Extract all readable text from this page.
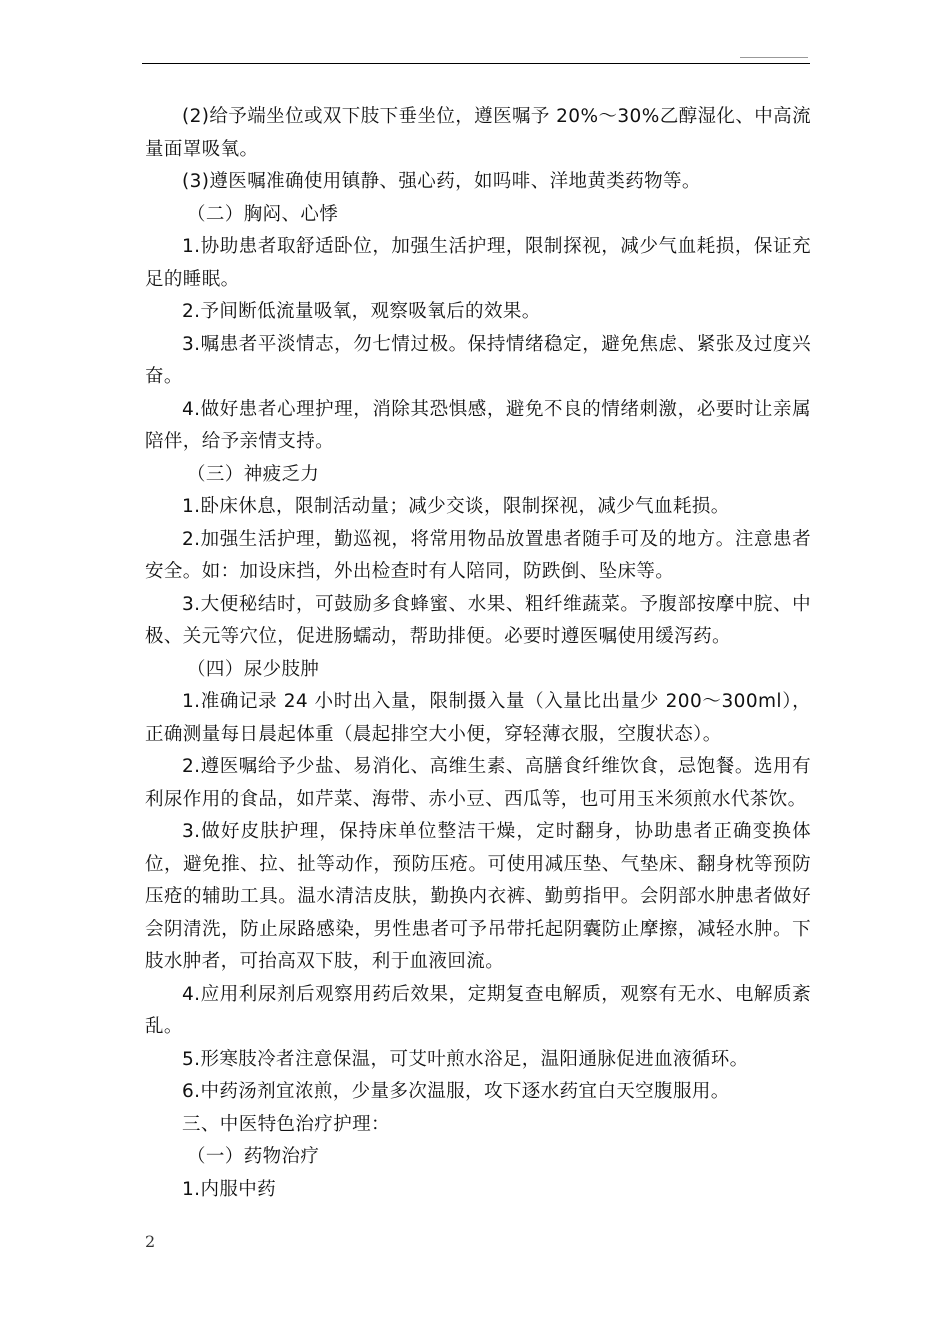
(2)给予端坐位或双下肢下垂坐位，遵医嘱予 20%～30%乙醇湿化、中高流量面罩吸氧。

(3)遵医嘱准确使用镇静、强心药，如吗啡、洋地黄类药物等。

（二）胸闷、心悸

1.协助患者取舒适卧位，加强生活护理，限制探视，减少气血耗损，保证充足的睡眠。

2.予间断低流量吸氧，观察吸氧后的效果。

3.嘱患者平淡情志，勿七情过极。保持情绪稳定，避免焦虑、紧张及过度兴奋。

4.做好患者心理护理，消除其恐惧感，避免不良的情绪刺激，必要时让亲属陪伴，给予亲情支持。

（三）神疲乏力

1.卧床休息，限制活动量；减少交谈，限制探视，减少气血耗损。

2.加强生活护理，勤巡视，将常用物品放置患者随手可及的地方。注意患者安全。如：加设床挡，外出检查时有人陪同，防跌倒、坠床等。

3.大便秘结时，可鼓励多食蜂蜜、水果、粗纤维蔬菜。予腹部按摩中脘、中极、关元等穴位，促进肠蠕动，帮助排便。必要时遵医嘱使用缓泻药。

（四）尿少肢肿

1.准确记录 24 小时出入量，限制摄入量（入量比出量少 200～300ml），正确测量每日晨起体重（晨起排空大小便，穿轻薄衣服，空腹状态）。

2.遵医嘱给予少盐、易消化、高维生素、高膳食纤维饮食，忌饱餐。选用有利尿作用的食品，如芹菜、海带、赤小豆、西瓜等，也可用玉米须煎水代茶饮。

3.做好皮肤护理，保持床单位整洁干燥，定时翻身，协助患者正确变换体位，避免推、拉、扯等动作，预防压疮。可使用减压垫、气垫床、翻身枕等预防压疮的辅助工具。温水清洁皮肤，勤换内衣裤、勤剪指甲。会阴部水肿患者做好会阴清洗，防止尿路感染，男性患者可予吊带托起阴囊防止摩擦，减轻水肿。下肢水肿者，可抬高双下肢，利于血液回流。

4.应用利尿剂后观察用药后效果，定期复查电解质，观察有无水、电解质紊乱。

5.形寒肢冷者注意保温，可艾叶煎水浴足，温阳通脉促进血液循环。

6.中药汤剂宜浓煎，少量多次温服，攻下逐水药宜白天空腹服用。

三、中医特色治疗护理：

（一）药物治疗

1.内服中药

2
